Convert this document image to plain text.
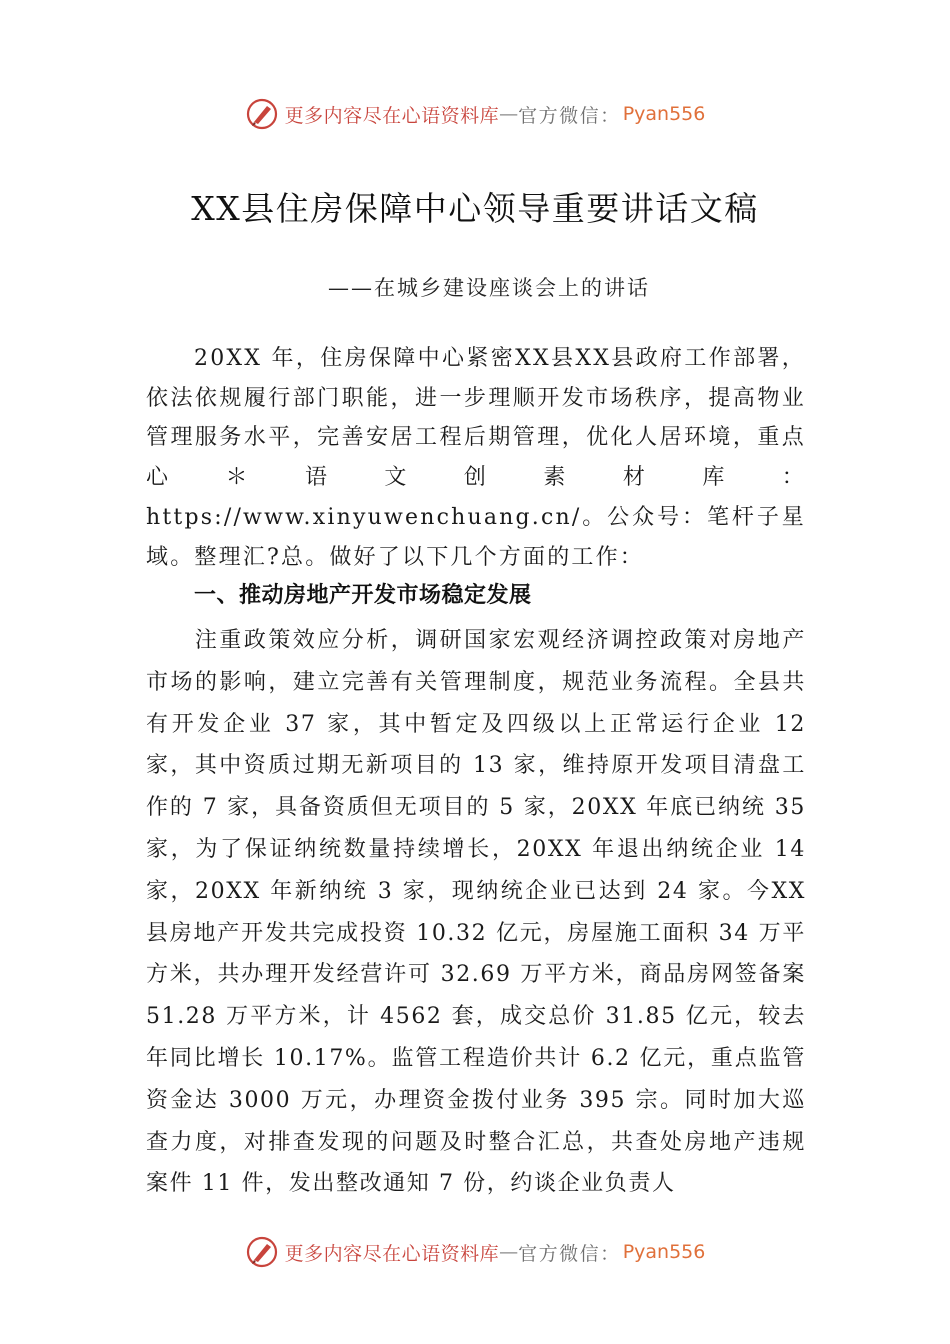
更多内容尽在心语资料库 — 官方微信： Pyan556
XX县住房保障中心领导重要讲话文稿
——在城乡建设座谈会上的讲话
20XX 年，住房保障中心紧密XX县XX县政府工作部署，依法依规履行部门职能，进一步理顺开发市场秩序，提高物业管理服务水平，完善安居工程后期管理，优化人居环境，重点心＊语文创素材库：https://www.xinyuwenchuang.cn/。公众号：笔杆子星域。整理汇?总。做好了以下几个方面的工作：
一、推动房地产开发市场稳定发展
注重政策效应分析，调研国家宏观经济调控政策对房地产市场的影响，建立完善有关管理制度，规范业务流程。全县共有开发企业 37 家，其中暂定及四级以上正常运行企业 12 家，其中资质过期无新项目的 13 家，维持原开发项目清盘工作的 7 家，具备资质但无项目的 5 家，20XX 年底已纳统 35 家，为了保证纳统数量持续增长，20XX 年退出纳统企业 14 家，20XX 年新纳统 3 家，现纳统企业已达到 24 家。今XX县房地产开发共完成投资 10.32 亿元，房屋施工面积 34 万平方米，共办理开发经营许可 32.69 万平方米，商品房网签备案 51.28 万平方米，计 4562 套，成交总价 31.85 亿元，较去年同比增长 10.17%。监管工程造价共计 6.2 亿元，重点监管资金达 3000 万元，办理资金拨付业务 395 宗。同时加大巡查力度，对排查发现的问题及时整合汇总，共查处房地产违规案件 11 件，发出整改通知 7 份，约谈企业负责人
更多内容尽在心语资料库 — 官方微信： Pyan556
